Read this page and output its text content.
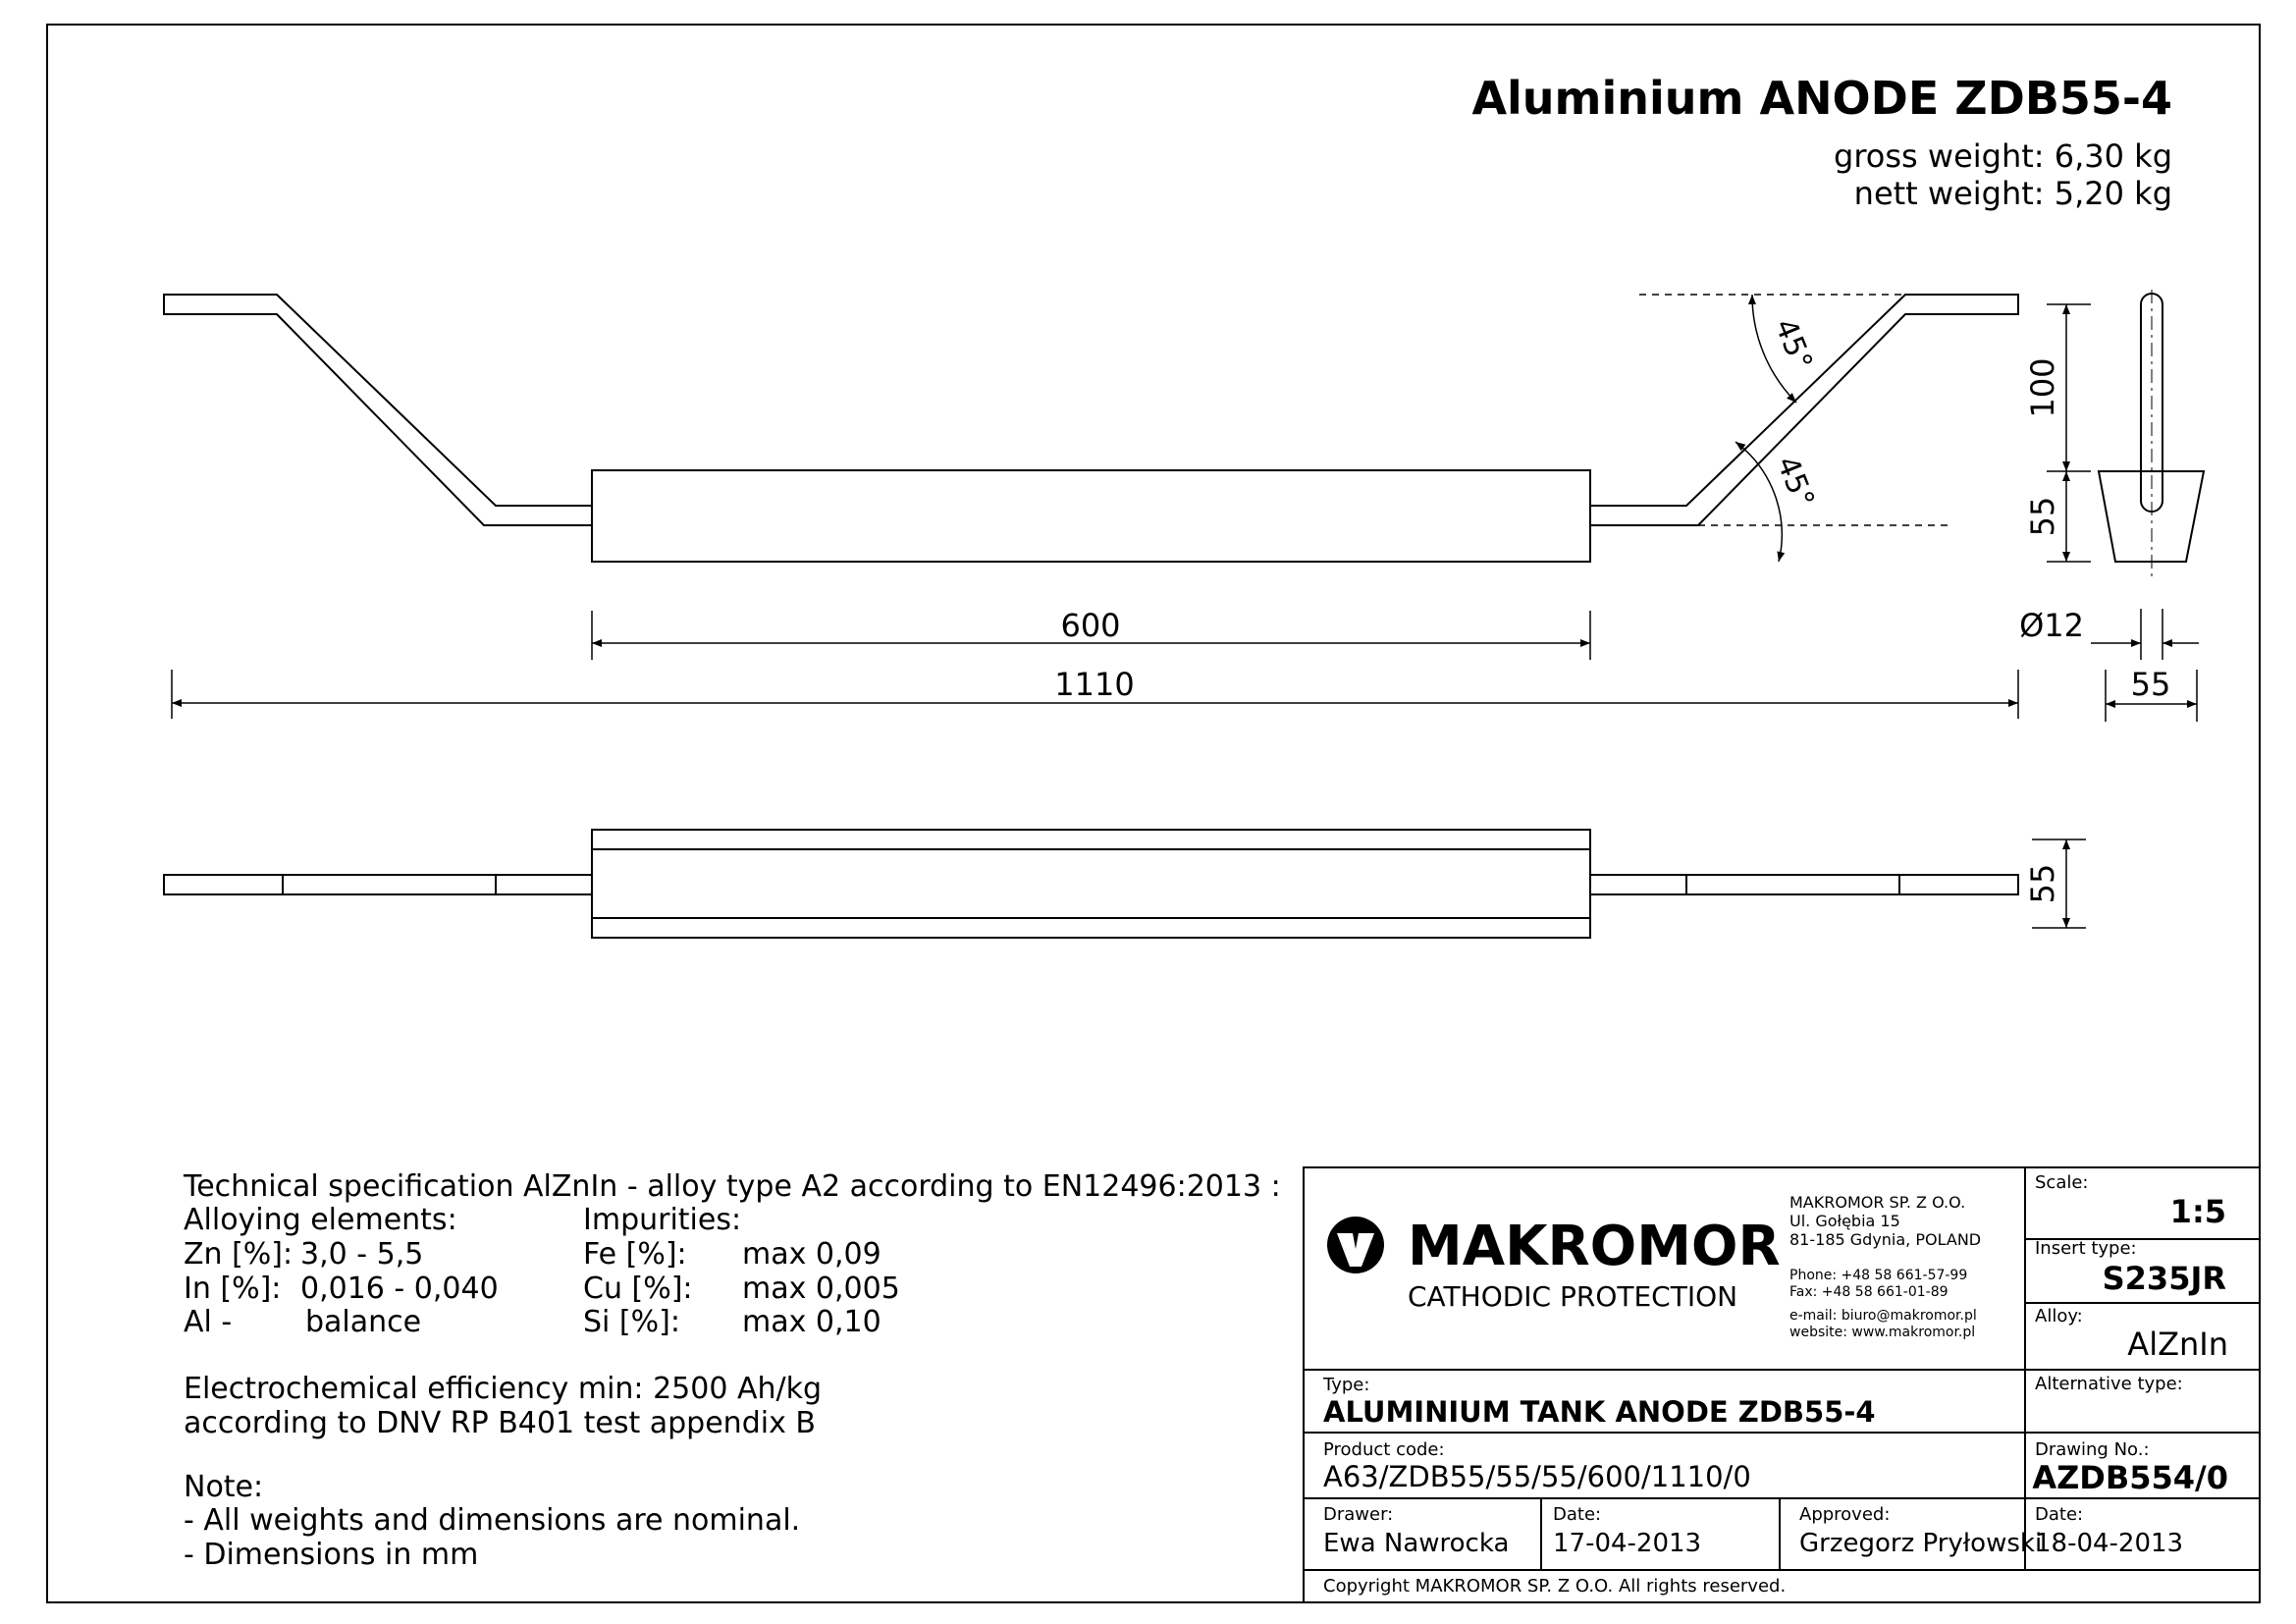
Aluminium ANODE ZDB55-4
gross weight: 6,30 kg
nett weight: 5,20 kg
45°
45°
100
55
Ø12
55
600
1110
55
Technical specification AlZnIn - alloy type A2 according to EN12496:2013 :
Alloying elements:	Impurities:
Zn [%]: 3,0 - 5,5
In [%]: 0,016 - 0,040
Al - balance
Fe [%]: max 0,09
Cu [%]: max 0,005
Si [%]: max 0,10
Electrochemical efficiency min: 2500 Ah/kg
according to DNV RP B401 test appendix B
Note:
- All weights and dimensions are nominal.
- Dimensions in mm
MAKROMOR
CATHODIC PROTECTION
MAKROMOR SP. Z O.O.
Ul. Gołębia 15
81-185 Gdynia, POLAND
Phone: +48 58 661-57-99
Fax: +48 58 661-01-89
e-mail: biuro@makromor.pl
website: www.makromor.pl
Scale:
1:5
Insert type:
S235JR
Alloy:
AlZnIn
Alternative type:
Type:
ALUMINIUM TANK ANODE ZDB55-4
Product code:
A63/ZDB55/55/55/600/1110/0
Drawing No.:
AZDB554/0
Drawer:
Ewa Nawrocka
Date:
17-04-2013
Approved:
Grzegorz Pryłowski
Date:
18-04-2013
Copyright MAKROMOR SP. Z O.O. All rights reserved.
